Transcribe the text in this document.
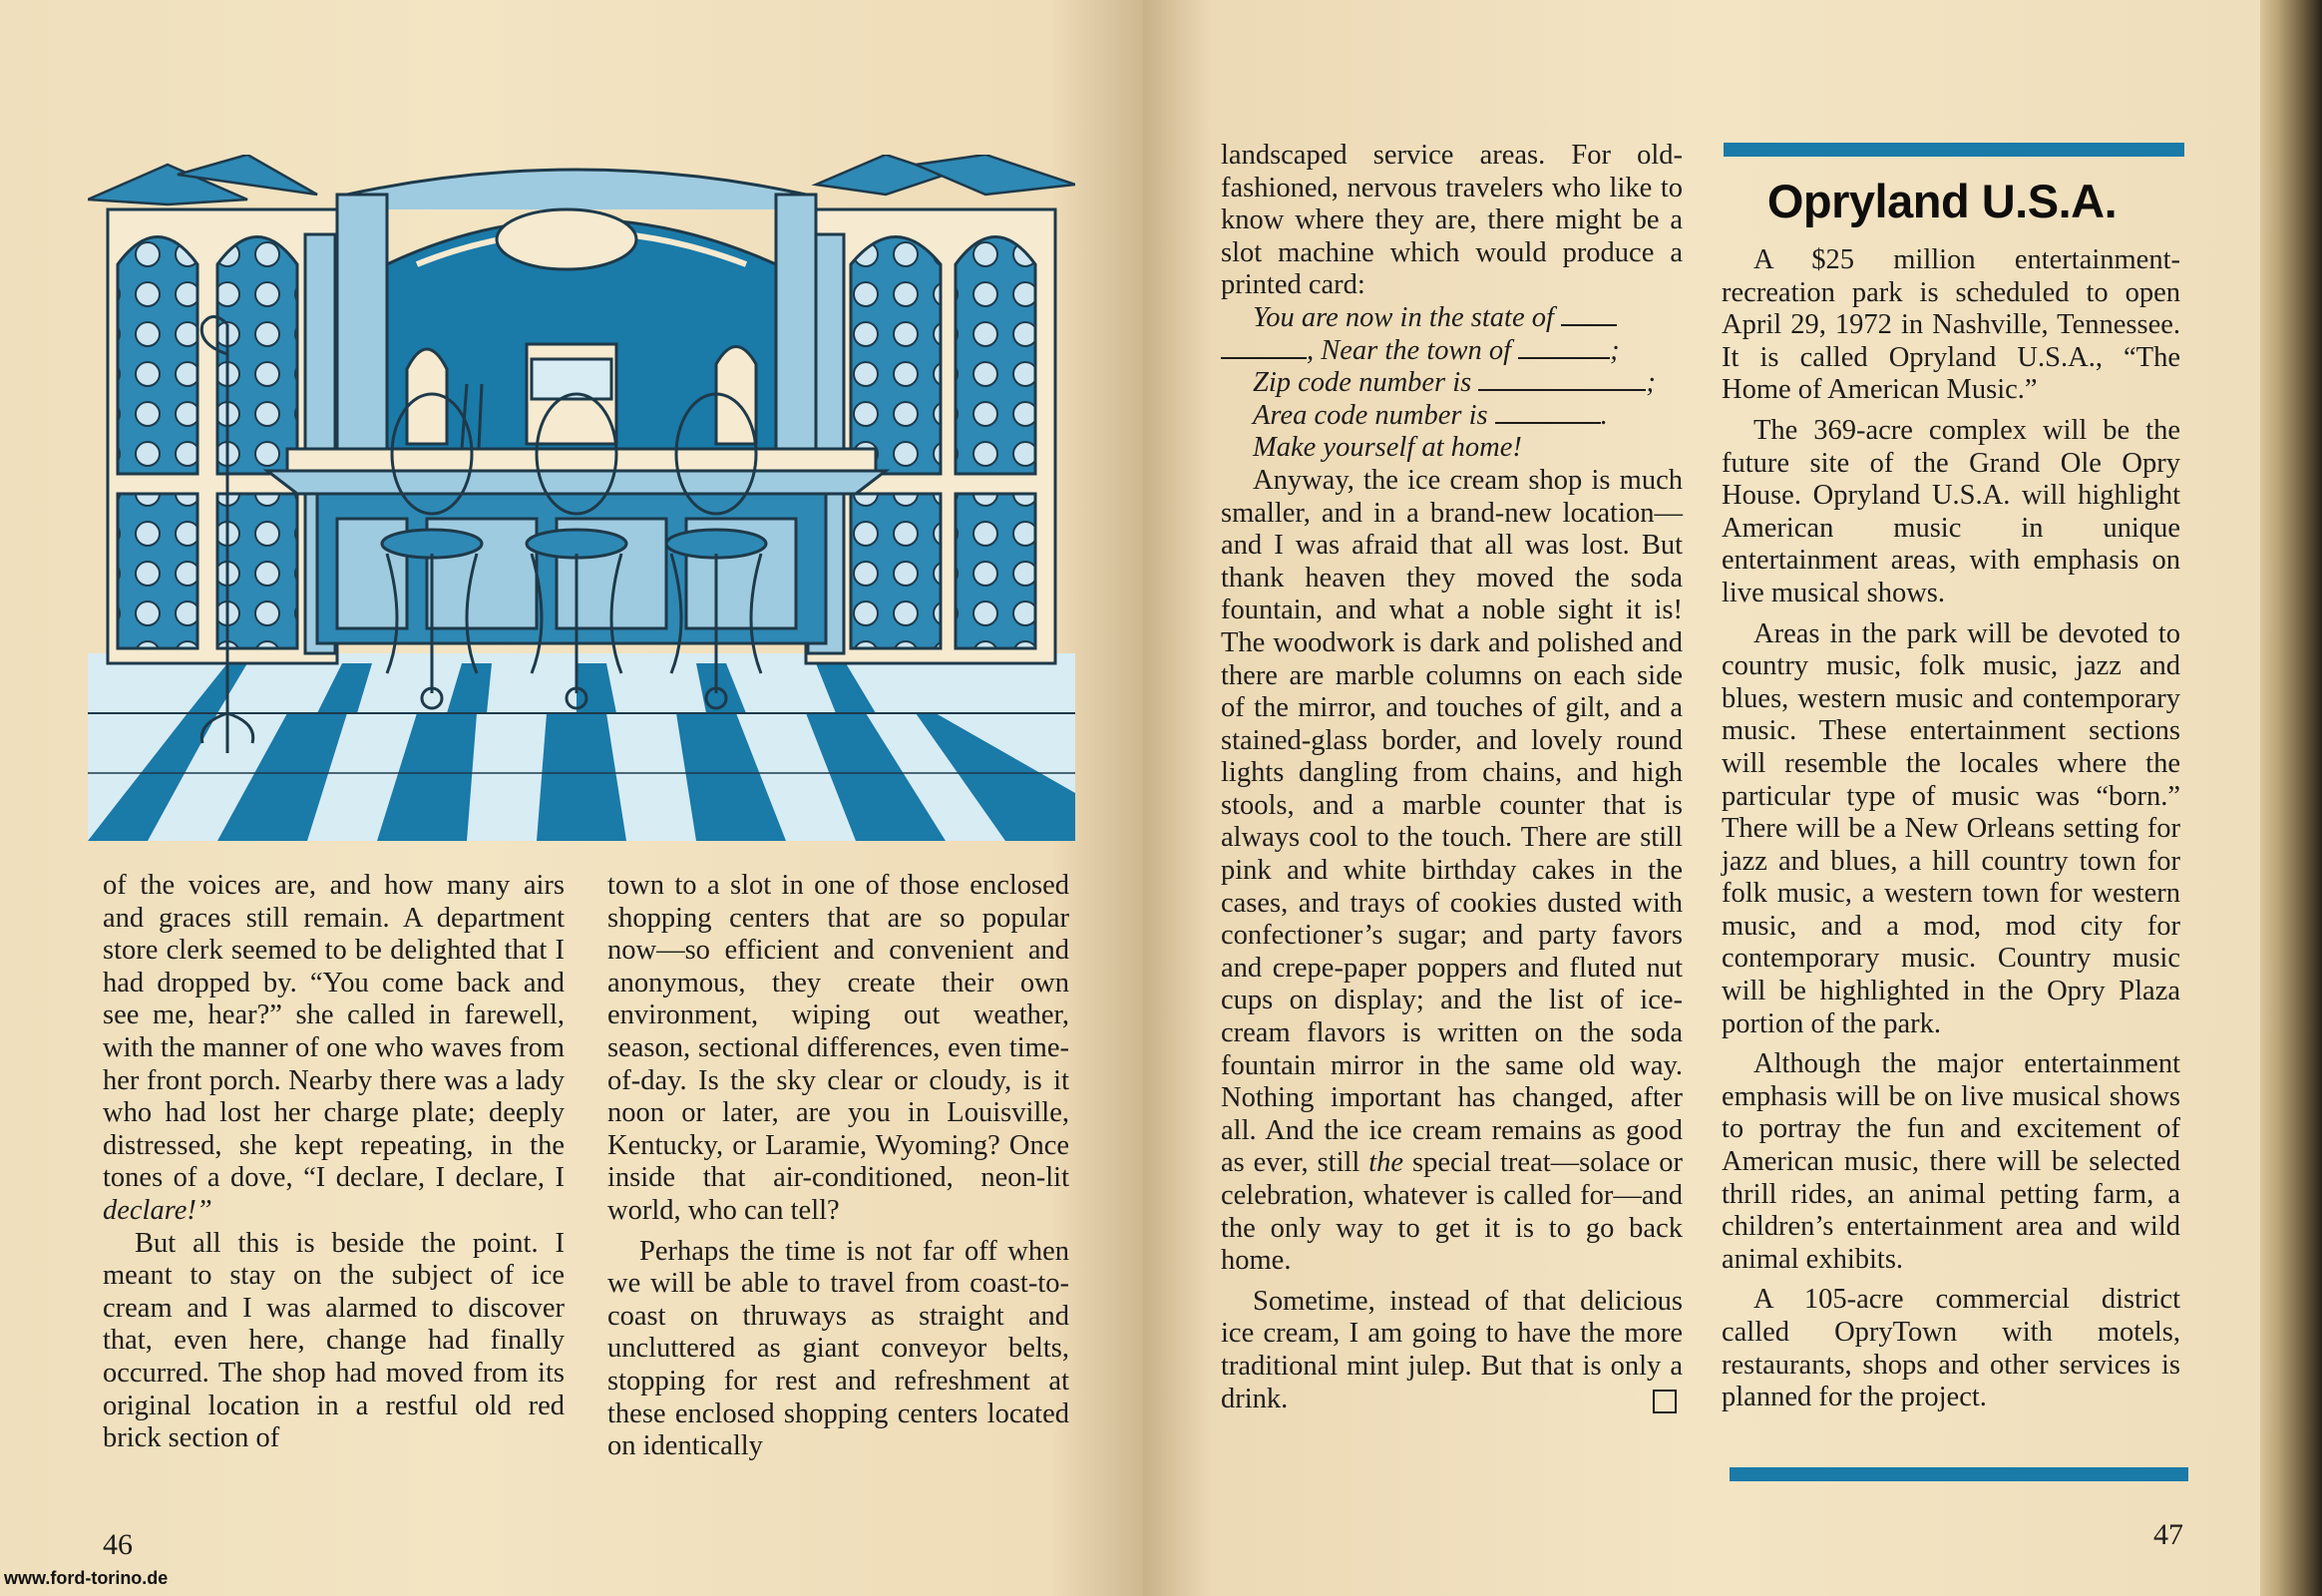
of the voices are, and how many airs and graces still remain. A department store clerk seemed to be delighted that I had dropped by. “You come back and see me, hear?” she called in farewell, with the manner of one who waves from her front porch. Nearby there was a lady who had lost her charge plate; deeply distressed, she kept repeating, in the tones of a dove, “I declare, I declare, I declare!”

But all this is beside the point. I meant to stay on the subject of ice cream and I was alarmed to discover that, even here, change had finally occurred. The shop had moved from its original location in a restful old red brick section of

town to a slot in one of those enclosed shopping centers that are so popular now—so efficient and convenient and anonymous, they create their own environment, wiping out weather, season, sectional differences, even time-of-day. Is the sky clear or cloudy, is it noon or later, are you in Louisville, Kentucky, or Laramie, Wyoming? Once inside that air-conditioned, neon-lit world, who can tell?

Perhaps the time is not far off when we will be able to travel from coast-to-coast on thruways as straight and uncluttered as giant conveyor belts, stopping for rest and refreshment at these enclosed shopping centers located on identically

46

landscaped service areas. For old-fashioned, nervous travelers who like to know where they are, there might be a slot machine which would produce a printed card:

You are now in the state of

, Near the town of	;

Zip code number is	;

Area code number is	.

Make yourself at home!

Anyway, the ice cream shop is much smaller, and in a brand-new location—and I was afraid that all was lost. But thank heaven they moved the soda fountain, and what a noble sight it is! The woodwork is dark and polished and there are marble columns on each side of the mirror, and touches of gilt, and a stained-glass border, and lovely round lights dangling from chains, and high stools, and a marble counter that is always cool to the touch. There are still pink and white birthday cakes in the cases, and trays of cookies dusted with confectioner’s sugar; and party favors and crepe-paper poppers and fluted nut cups on display; and the list of ice-cream flavors is written on the soda fountain mirror in the same old way. Nothing important has changed, after all. And the ice cream remains as good as ever, still the special treat—solace or celebration, whatever is called for—and the only way to get it is to go back home.

Sometime, instead of that delicious ice cream, I am going to have the more traditional mint julep. But that is only a drink.

Opryland U.S.A.

A $25 million entertainment-recreation park is scheduled to open April 29, 1972 in Nashville, Tennessee. It is called Opryland U.S.A., “The Home of American Music.”

The 369-acre complex will be the future site of the Grand Ole Opry House. Opryland U.S.A. will highlight American music in unique entertainment areas, with emphasis on live musical shows.

Areas in the park will be devoted to country music, folk music, jazz and blues, western music and contemporary music. These entertainment sections will resemble the locales where the particular type of music was “born.” There will be a New Orleans setting for jazz and blues, a hill country town for folk music, a western town for western music, and a mod, mod city for contemporary music. Country music will be highlighted in the Opry Plaza portion of the park.

Although the major entertainment emphasis will be on live musical shows to portray the fun and excitement of American music, there will be selected thrill rides, an animal petting farm, a children’s entertainment area and wild animal exhibits.

A 105-acre commercial district called OpryTown with motels, restaurants, shops and other services is planned for the project.

47
www.ford-torino.de
